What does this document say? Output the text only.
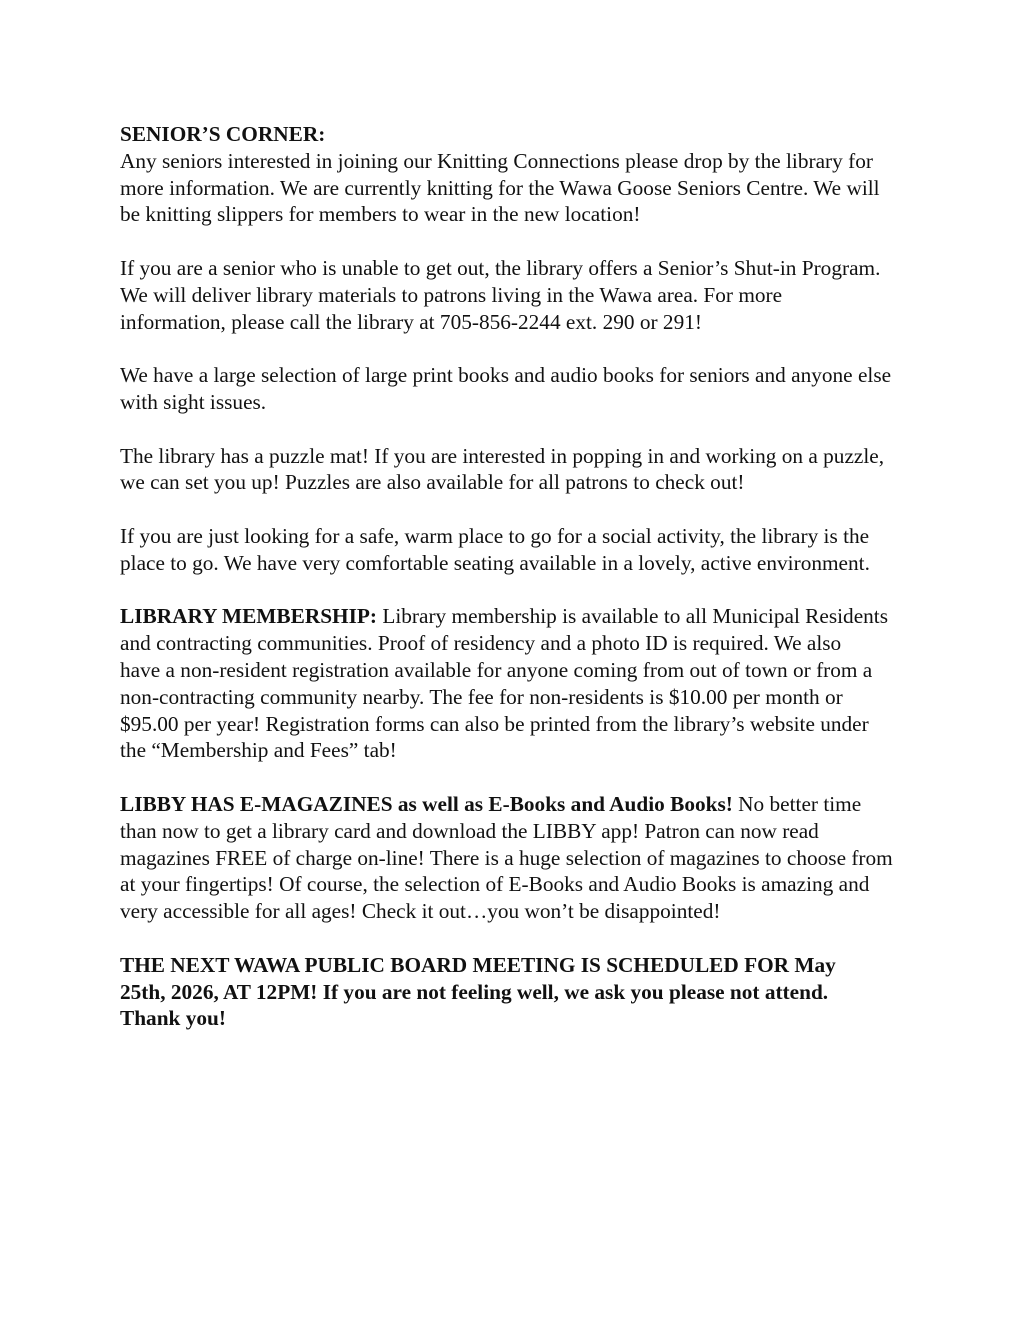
SENIOR’S CORNER:
Any seniors interested in joining our Knitting Connections please drop by the library for
more information. We are currently knitting for the Wawa Goose Seniors Centre. We will
be knitting slippers for members to wear in the new location!
If you are a senior who is unable to get out, the library offers a Senior’s Shut-in Program.
We will deliver library materials to patrons living in the Wawa area. For more
information, please call the library at 705-856-2244 ext. 290 or 291!
We have a large selection of large print books and audio books for seniors and anyone else
with sight issues.
The library has a puzzle mat! If you are interested in popping in and working on a puzzle,
we can set you up! Puzzles are also available for all patrons to check out!
If you are just looking for a safe, warm place to go for a social activity, the library is the
place to go. We have very comfortable seating available in a lovely, active environment.
LIBRARY MEMBERSHIP: Library membership is available to all Municipal Residents
and contracting communities. Proof of residency and a photo ID is required. We also
have a non-resident registration available for anyone coming from out of town or from a
non-contracting community nearby. The fee for non-residents is $10.00 per month or
$95.00 per year! Registration forms can also be printed from the library’s website under
the “Membership and Fees” tab!
LIBBY HAS E-MAGAZINES as well as E-Books and Audio Books! No better time
than now to get a library card and download the LIBBY app! Patron can now read
magazines FREE of charge on-line! There is a huge selection of magazines to choose from
at your fingertips! Of course, the selection of E-Books and Audio Books is amazing and
very accessible for all ages! Check it out…you won’t be disappointed!
THE NEXT WAWA PUBLIC BOARD MEETING IS SCHEDULED FOR May
25th, 2026, AT 12PM! If you are not feeling well, we ask you please not attend.
Thank you!
